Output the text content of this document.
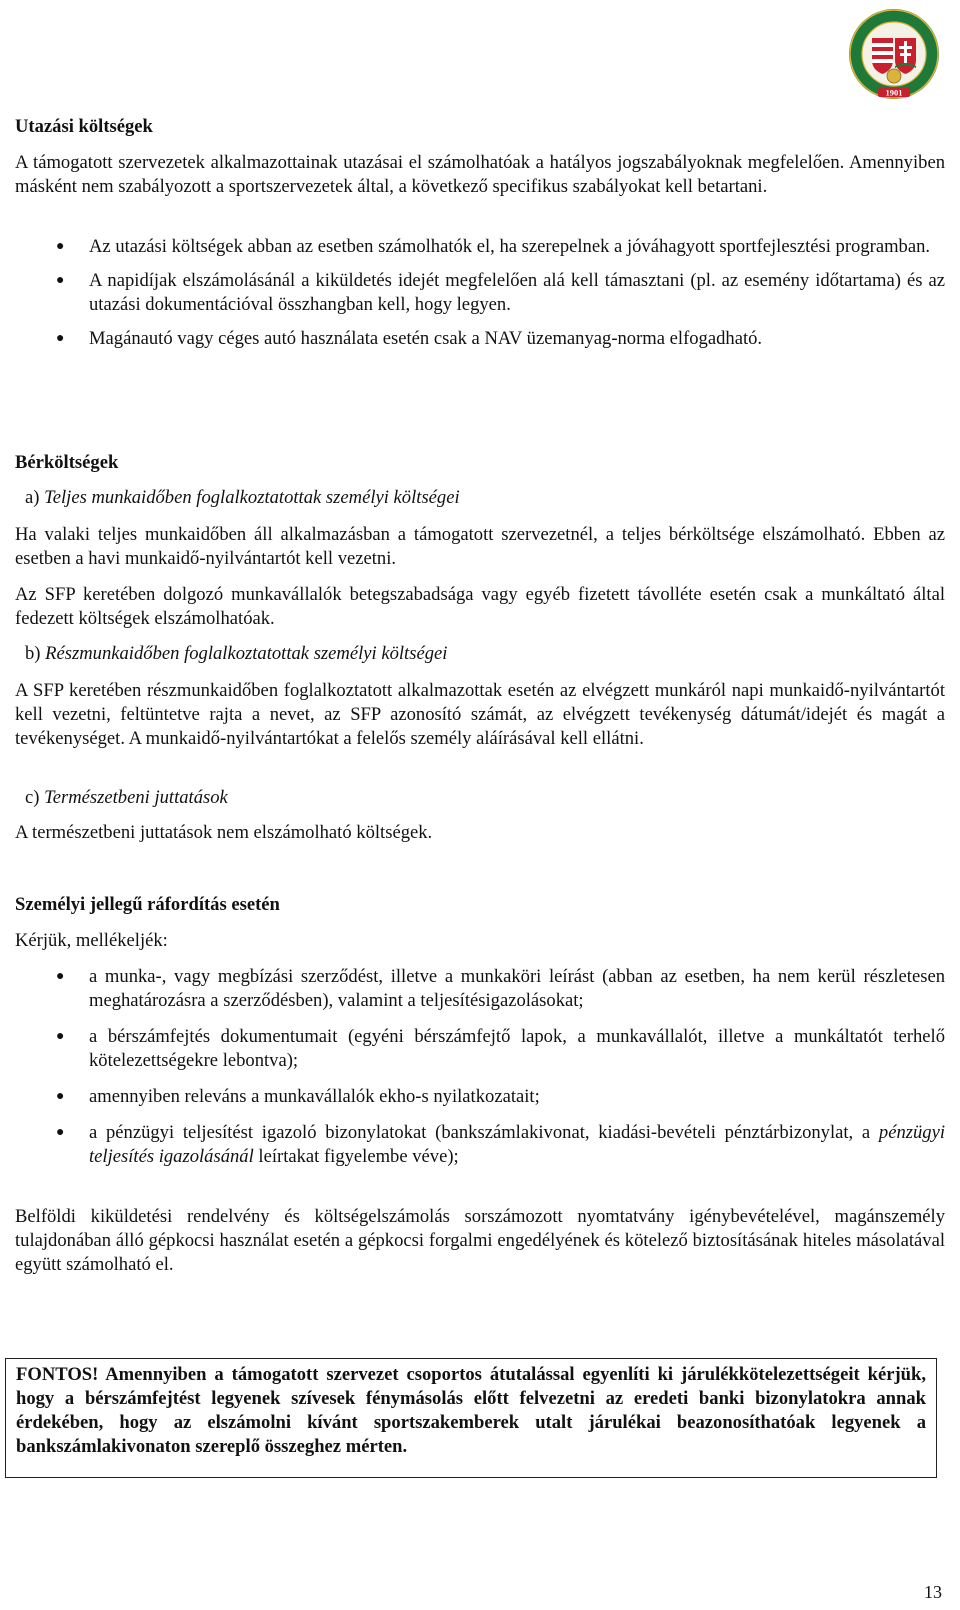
1901
Utazási költségek
A támogatott szervezetek alkalmazottainak utazásai el számolhatóak a hatályos jogszabályoknak megfelelően. Amennyiben másként nem szabályozott a sportszervezetek által, a következő specifikus szabályokat kell betartani.
● Az utazási költségek abban az esetben számolhatók el, ha szerepelnek a jóváhagyott sportfejlesztési programban.
● A napidíjak elszámolásánál a kiküldetés idejét megfelelően alá kell támasztani (pl. az esemény időtartama) és az utazási dokumentációval összhangban kell, hogy legyen.
● Magánautó vagy céges autó használata esetén csak a NAV üzemanyag-norma elfogadható.
Bérköltségek
a) Teljes munkaidőben foglalkoztatottak személyi költségei
Ha valaki teljes munkaidőben áll alkalmazásban a támogatott szervezetnél, a teljes bérköltsége elszámolható. Ebben az esetben a havi munkaidő-nyilvántartót kell vezetni.
Az SFP keretében dolgozó munkavállalók betegszabadsága vagy egyéb fizetett távolléte esetén csak a munkáltató által fedezett költségek elszámolhatóak.
b) Részmunkaidőben foglalkoztatottak személyi költségei
A SFP keretében részmunkaidőben foglalkoztatott alkalmazottak esetén az elvégzett munkáról napi munkaidő-nyilvántartót kell vezetni, feltüntetve rajta a nevet, az SFP azonosító számát, az elvégzett tevékenység dátumát/idejét és magát a tevékenységet. A munkaidő-nyilvántartókat a felelős személy aláírásával kell ellátni.
c) Természetbeni juttatások
A természetbeni juttatások nem elszámolható költségek.
Személyi jellegű ráfordítás esetén
Kérjük, mellékeljék:
● a munka-, vagy megbízási szerződést, illetve a munkaköri leírást (abban az esetben, ha nem kerül részletesen meghatározásra a szerződésben), valamint a teljesítésigazolásokat;
● a bérszámfejtés dokumentumait (egyéni bérszámfejtő lapok, a munkavállalót, illetve a munkáltatót terhelő kötelezettségekre lebontva);
● amennyiben releváns a munkavállalók ekho-s nyilatkozatait;
● a pénzügyi teljesítést igazoló bizonylatokat (bankszámlakivonat, kiadási-bevételi pénztárbizonylat, a pénzügyi teljesítés igazolásánál leírtakat figyelembe véve);
Belföldi kiküldetési rendelvény és költségelszámolás sorszámozott nyomtatvány igénybevételével, magánszemély tulajdonában álló gépkocsi használat esetén a gépkocsi forgalmi engedélyének és kötelező biztosításának hiteles másolatával együtt számolható el.
FONTOS! Amennyiben a támogatott szervezet csoportos átutalással egyenlíti ki járulékkötelezettségeit kérjük, hogy a bérszámfejtést legyenek szívesek fénymásolás előtt felvezetni az eredeti banki bizonylatokra annak érdekében, hogy az elszámolni kívánt sportszakemberek utalt járulékai beazonosíthatóak legyenek a bankszámlakivonaton szereplő összeghez mérten.
13
